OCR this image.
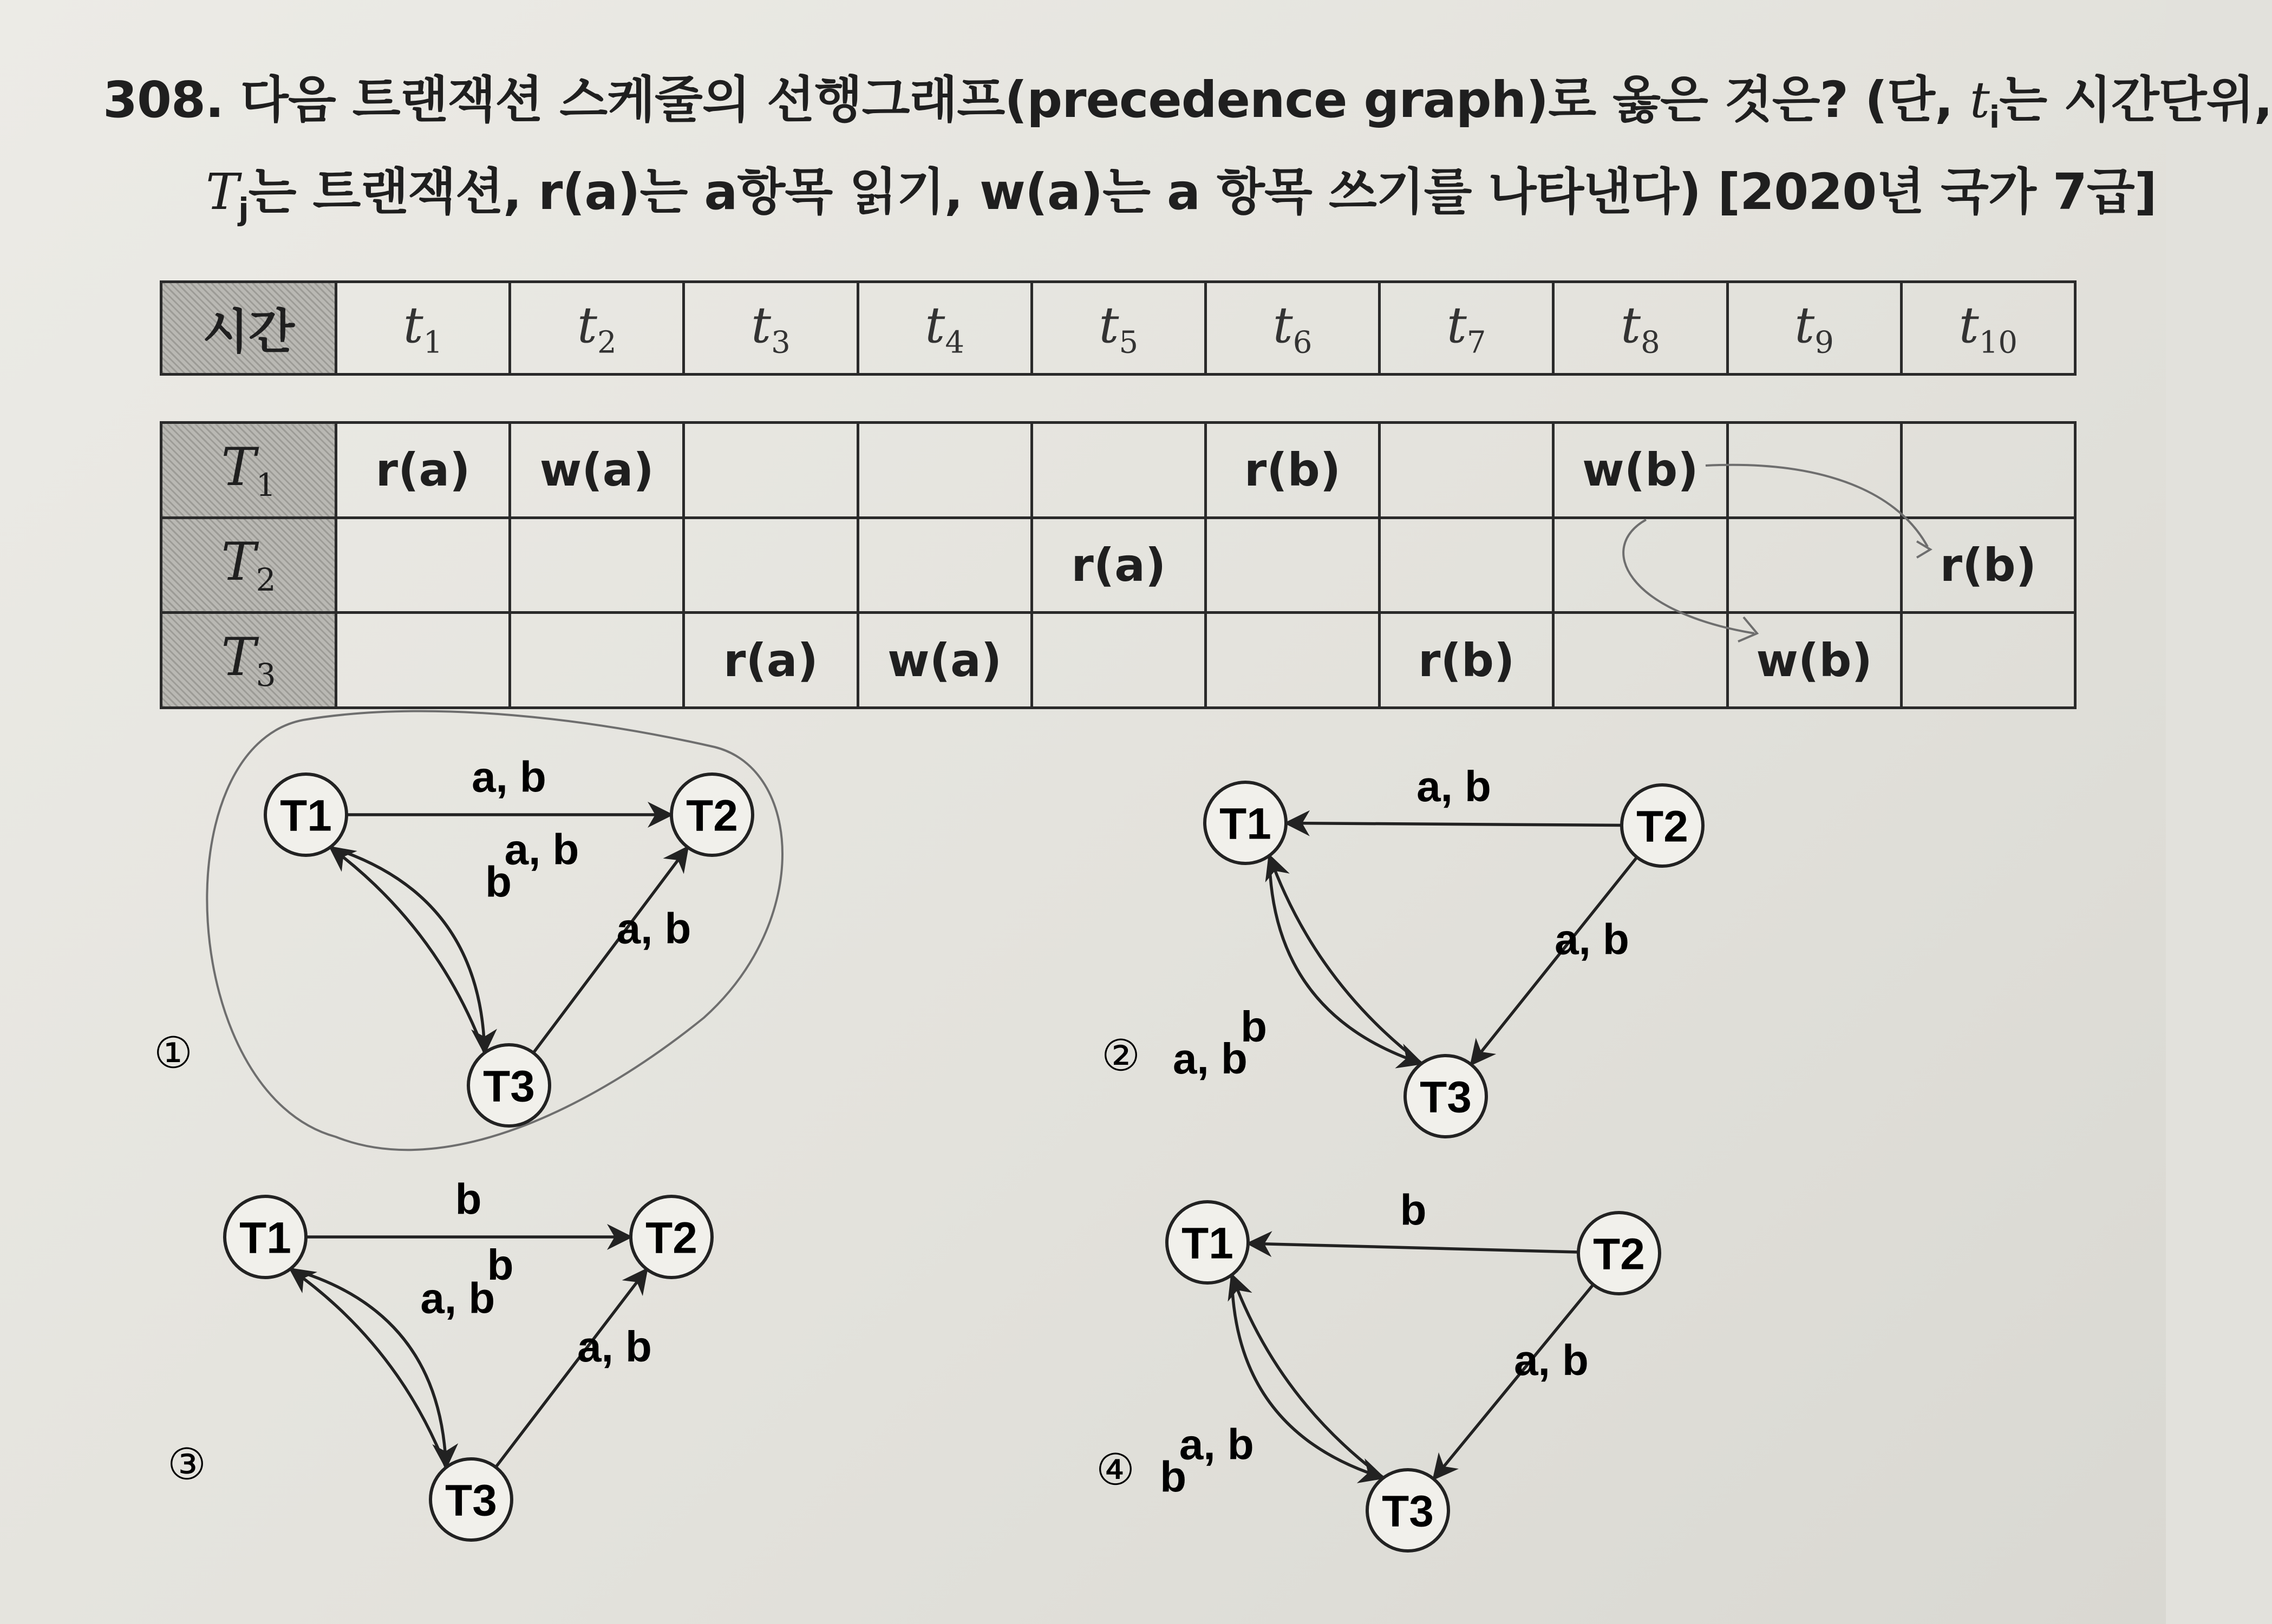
308. 다음 트랜잭션 스케줄의 선행그래프(precedence graph)로 옳은 것은? (단, $t_i$는 시간단위,
$T_j$는 트랜잭션, r(a)는 a항목 읽기, w(a)는 a 항목 쓰기를 나타낸다) [2020년 국가 7급]
시간	$t_1$	$t_2$	$t_3$	$t_4$	$t_5$	$t_6$	$t_7$	$t_8$	$t_9$	$t_{10}$
$T_1$	r(a)	w(a)				r(b)		w(b)		
$T_2$					r(a)					r(b)
$T_3$			r(a)	w(a)			r(b)		w(b)	
①
a, b
b
a, b
a, b
T1	T2
T3
②
a, b
b
a, b
a, b
T1	T2
T3
③
b
a, b
b
a, b
T1	T2
T3
④
b
a, b
b
a, b
T1	T2
T3
